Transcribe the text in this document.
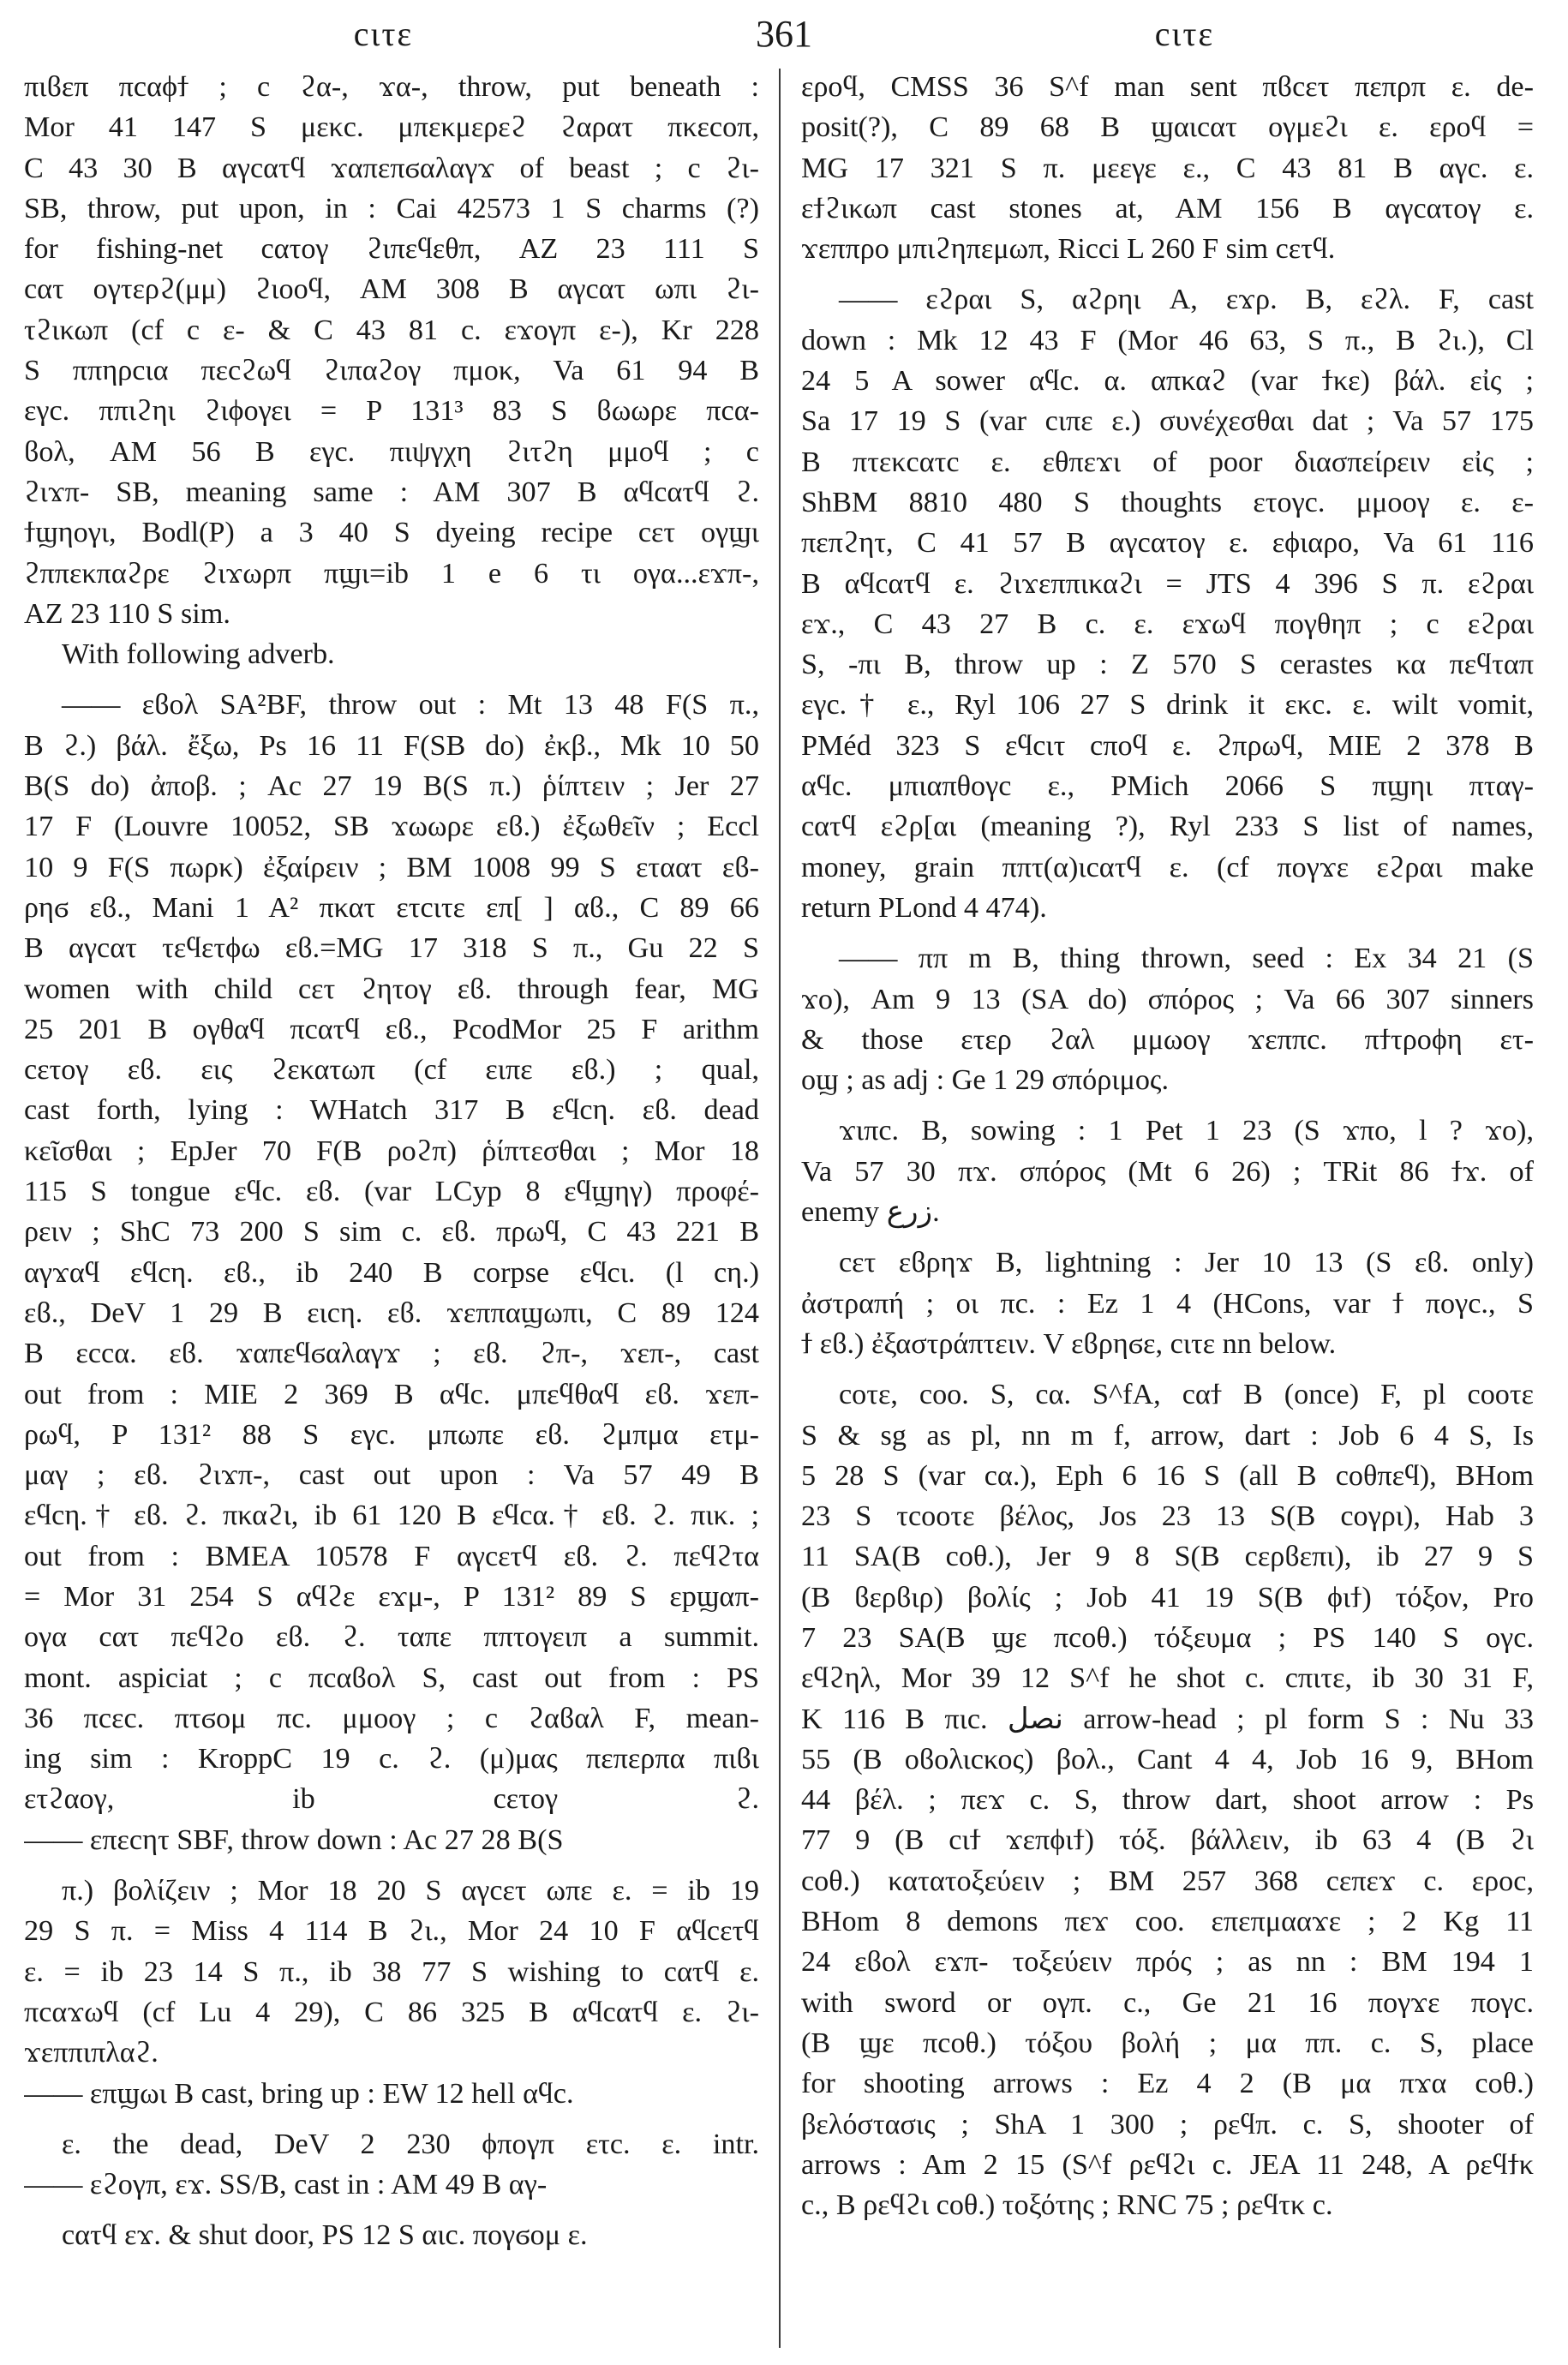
cιτε	361	cιτε
πιϐεπ πcαϕϯ ; c ϩα-, ϫα-, throw, put beneath :
Mor 41 147 S μεκc. μπεκμερεϩ ϩαρατ πκεcοπ,
C 43 30 B αγcατϥ ϫαπεπϭαλαγϫ of beast ; c ϩι-
SB, throw, put upon, in : Cai 42573 1 S charms (?)
for fishing-net cατογ ϩιπεϥεθπ, AZ 23 111 S
cατ ογτερϩ(μμ) ϩιοοϥ, AM 308 B αγcατ ωπι ϩι-
τϩικωπ (cf c ε- & C 43 81 c. εϫογπ ε-), Kr 228
S ππηρcια πεcϩωϥ ϩιπαϩογ πμοκ, Va 61 94 B
εγc. ππιϩηι ϩιϕογει = P 131³ 83 S ϐωωρε πcα-
ϐολ, AM 56 B εγc. πιψγχη ϩιτϩη μμοϥ ; c
ϩιϫπ- SB, meaning same : AM 307 B αϥcατϥ ϩ.
ϯϣηογι, Bodl(P) a 3 40 S dyeing recipe cετ ογϣι
ϩππεκπαϩρε ϩιϫωρπ πϣι=ib 1 e 6 τι ογα...εϫπ-,
AZ 23 110 S sim.
With following adverb.
—— εϐολ SA²BF, throw out : Mt 13 48 F(S π.,
B ϩ.) βάλ. ἔξω, Ps 16 11 F(SB do) ἐκβ., Mk 10 50
B(S do) ἀποβ. ; Ac 27 19 B(S π.) ῥίπτειν ; Jer 27
17 F (Louvre 10052, SB ϫωωρε εϐ.) ἐξωθεῖν ; Eccl
10 9 F(S πωρκ) ἐξαίρειν ; BM 1008 99 S εταατ εϐ-
ρηϭ εϐ., Mani 1 A² πκατ ετcιτε επ[ ] αϐ., C 89 66
B αγcατ τεϥετϕω εϐ.=MG 17 318 S π., Gu 22 S
women with child cετ ϩητογ εϐ. through fear, MG
25 201 B ογθαϥ πcατϥ εϐ., PcodMor 25 F arithm
cετογ εϐ. εις ϩεκατωπ (cf ειπε εϐ.) ; qual,
cast forth, lying : WHatch 317 B εϥcη. εϐ. dead
κεῖσθαι ; EpJer 70 F(B ροϩπ) ῥίπτεσθαι ; Mor 18
115 S tongue εϥc. εϐ. (var LCyp 8 εϥϣηγ) προφέ-
ρειν ; ShC 73 200 S sim c. εϐ. πρωϥ, C 43 221 B
αγϫαϥ εϥcη. εϐ., ib 240 B corpse εϥcι. (l cη.)
εϐ., DeV 1 29 B ειcη. εϐ. ϫεππαϣωπι, C 89 124
B εccα. εϐ. ϫαπεϥϭαλαγϫ ; εϐ. ϩπ-, ϫεπ-, cast
out from : MIE 2 369 B αϥc. μπεϥθαϥ εϐ. ϫεπ-
ρωϥ, P 131² 88 S εγc. μπωπε εϐ. ϩμπμα ετμ-
μαγ ; εϐ. ϩιϫπ-, cast out upon : Va 57 49 B
εϥcη.† εϐ. ϩ. πκαϩι, ib 61 120 B εϥcα.† εϐ. ϩ. πικ. ;
out from : BMEA 10578 F αγcετϥ εϐ. ϩ. πεϥϩτα
= Mor 31 254 S αϥϩε εϫμ-, P 131² 89 S εpϣαπ-
ογα cατ πεϥϩο εϐ. ϩ. ταπε ππτογειπ a summit.
mont. aspiciat ; c πcαϐολ S, cast out from : PS
36 πcεc. πτϭομ πc. μμοογ ; c ϩαϐαλ F, mean-
ing sim : KroppC 19 c. ϩ. (μ)μας πεπερπα πιϐι
ετϩαογ, ib cετογ ϩ.
—— επεcητ SBF, throw down : Ac 27 28 B(S
π.) βολίζειν ; Mor 18 20 S αγcετ ωπε ε. = ib 19
29 S π. = Miss 4 114 B ϩι., Mor 24 10 F αϥcετϥ
ε. = ib 23 14 S π., ib 38 77 S wishing to cατϥ ε.
πcαϫωϥ (cf Lu 4 29), C 86 325 B αϥcατϥ ε. ϩι-
ϫεππιπλαϩ.
—— επϣωι B cast, bring up : EW 12 hell αϥc.
ε. the dead, DeV 2 230 ϕπογπ ετc. ε. intr.
—— εϩογπ, εϫ. SS/B, cast in : AM 49 B αγ-
cατϥ εϫ. & shut door, PS 12 S αιc. πογϭομ ε.
εροϥ, CMSS 36 S^f man sent πϐcετ πεπρπ ε. de-
posit(?), C 89 68 B ϣαιcατ ογμεϩι ε. εροϥ =
MG 17 321 S π. μεεγε ε., C 43 81 B αγc. ε.
εϯϩικωπ cast stones at, AM 156 B αγcατογ ε.
ϫεππρο μπιϩηπεμωπ, Ricci L 260 F sim cετϥ.
—— εϩραι S, αϩρηι A, εϫρ. B, εϩλ. F, cast
down : Mk 12 43 F (Mor 46 63, S π., B ϩι.), Cl
24 5 A sower αϥc. α. απκαϩ (var ϯκε) βάλ. εἰς ;
Sa 17 19 S (var cιπε ε.) συνέχεσθαι dat ; Va 57 175
B πτεκcατc ε. εθπεϫι of poor διασπείρειν εἰς ;
ShBM 8810 480 S thoughts ετογc. μμοογ ε. ε-
πεπϩητ, C 41 57 B αγcατογ ε. εϕιαρο, Va 61 116
B αϥcατϥ ε. ϩιϫεππικαϩι = JTS 4 396 S π. εϩραι
εϫ., C 43 27 B c. ε. εϫωϥ πογθηπ ; c εϩραι
S, -πι B, throw up : Z 570 S cerastes κα πεϥταπ
εγc.† ε., Ryl 106 27 S drink it εκc. ε. wilt vomit,
PMéd 323 S εϥcιτ cποϥ ε. ϩπρωϥ, MIE 2 378 B
αϥc. μπιαπθογc ε., PMich 2066 S πϣηι πταγ-
cατϥ εϩρ[αι (meaning ?), Ryl 233 S list of names,
money, grain ππτ(α)ιcατϥ ε. (cf πογϫε εϩραι make
return PLond 4 474).
—— ππ m B, thing thrown, seed : Ex 34 21 (S
ϫο), Am 9 13 (SA do) σπόρος ; Va 66 307 sinners
& those ετερ ϩαλ μμωογ ϫεππc. πϯτροϕη ετ-
οϣ ; as adj : Ge 1 29 σπόριμος.
ϫιπc. B, sowing : 1 Pet 1 23 (S ϫπο, l ? ϫο),
Va 57 30 πϫ. σπόρος (Mt 6 26) ; TRit 86 ϯϫ. of
enemy زرع.
cετ εϐρηϫ B, lightning : Jer 10 13 (S εϐ. only)
ἀστραπή ; οι πc. : Ez 1 4 (HCons, var ϯ πογc., S
ϯ εϐ.) ἐξαστράπτειν. V εϐρηϭε, cιτε nn below.
cοτε, cοο. S, cα. S^fA, cαϯ B (once) F, pl cοοτε
S & sg as pl, nn m f, arrow, dart : Job 6 4 S, Is
5 28 S (var cα.), Eph 6 16 S (all B cοθπεϥ), BHom
23 S τcοοτε βέλος, Jos 23 13 S(B cογρι), Hab 3
11 SA(B cοθ.), Jer 9 8 S(B cερϐεπι), ib 27 9 S
(B ϐερϐιρ) βολίς ; Job 41 19 S(B ϕιϯ) τόξον, Pro
7 23 SA(B ϣε πcοθ.) τόξευμα ; PS 140 S ογc.
εϥϩηλ, Mor 39 12 S^f he shot c. cπιτε, ib 30 31 F,
K 116 B πιc. نصل arrow-head ; pl form S : Nu 33
55 (B οϐολιcκος) βολ., Cant 4 4, Job 16 9, BHom
44 βέλ. ; πεϫ c. S, throw dart, shoot arrow : Ps
77 9 (B cιϯ ϫεπϕιϯ) τόξ. βάλλειν, ib 63 4 (B ϩι
cοθ.) κατατοξεύειν ; BM 257 368 cεπεϫ c. εροc,
BHom 8 demons πεϫ cοο. επεπμααϫε ; 2 Kg 11
24 εϐολ εϫπ- τοξεύειν πρός ; as nn : BM 194 1
with sword or ογπ. c., Ge 21 16 πογϫε πογc.
(B ϣε πcοθ.) τόξου βολή ; μα ππ. c. S, place
for shooting arrows : Ez 4 2 (B μα πϫα cοθ.)
βελόστασις ; ShA 1 300 ; ρεϥπ. c. S, shooter of
arrows : Am 2 15 (S^f ρεϥϩι c. JEA 11 248, A ρεϥϯκ
c., B ρεϥϩι cοθ.) τοξότης ; RNC 75 ; ρεϥτκ c.
